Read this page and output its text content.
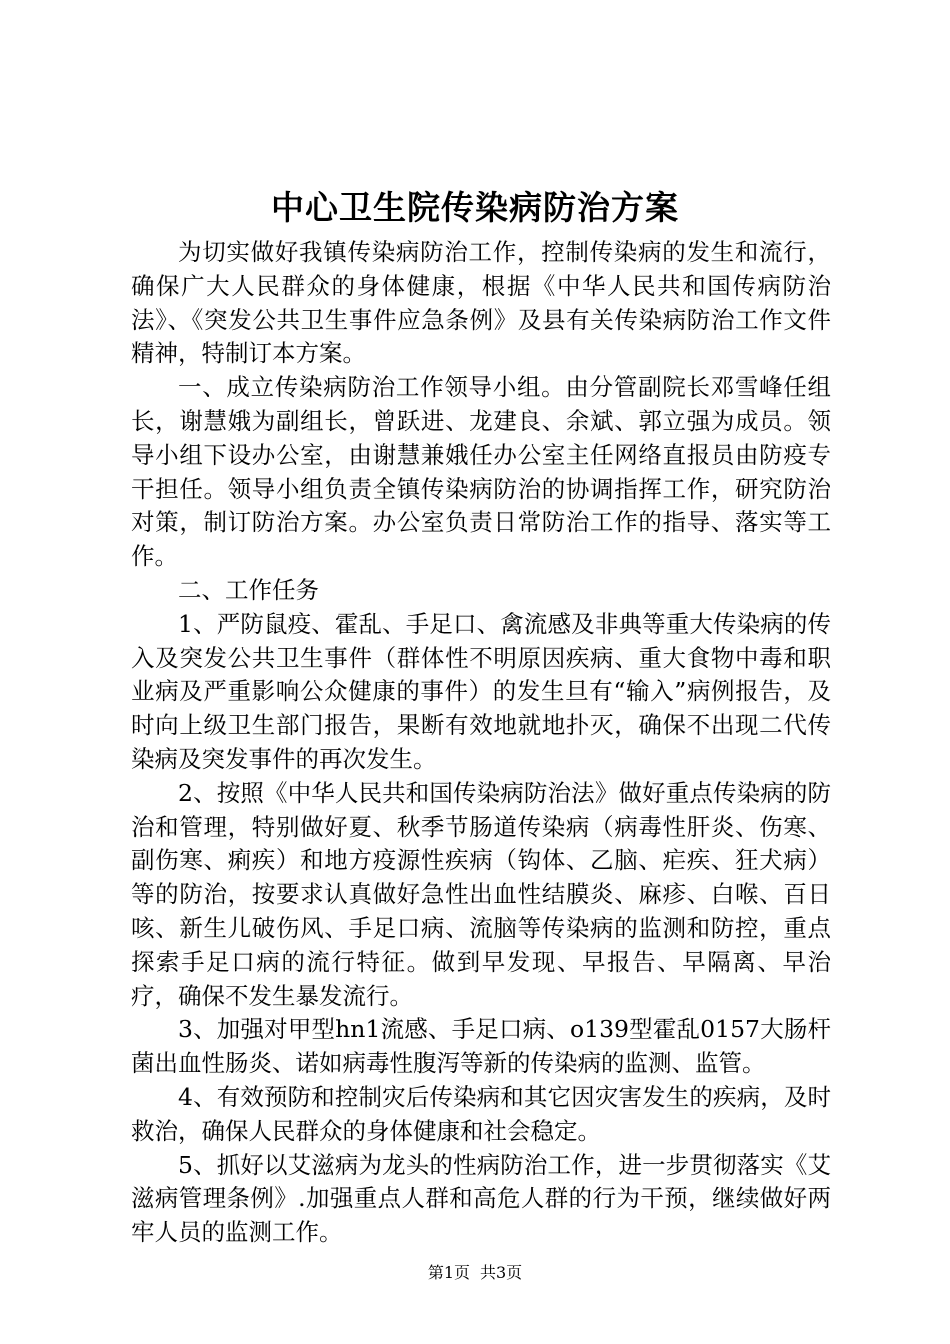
中心卫生院传染病防治方案

为切实做好我镇传染病防治工作，控制传染病的发生和流行，确保广大人民群众的身体健康，根据《中华人民共和国传病防治法》、《突发公共卫生事件应急条例》及县有关传染病防治工作文件精神，特制订本方案。

一、成立传染病防治工作领导小组。由分管副院长邓雪峰任组长，谢慧娥为副组长，曾跃进、龙建良、余斌、郭立强为成员。领导小组下设办公室，由谢慧兼娥任办公室主任网络直报员由防疫专干担任。领导小组负责全镇传染病防治的协调指挥工作，研究防治对策，制订防治方案。办公室负责日常防治工作的指导、落实等工作。

二、工作任务

1、严防鼠疫、霍乱、手足口、禽流感及非典等重大传染病的传入及突发公共卫生事件（群体性不明原因疾病、重大食物中毒和职业病及严重影响公众健康的事件）的发生旦有“输入”病例报告，及时向上级卫生部门报告，果断有效地就地扑灭，确保不出现二代传染病及突发事件的再次发生。

2、按照《中华人民共和国传染病防治法》做好重点传染病的防治和管理，特别做好夏、秋季节肠道传染病（病毒性肝炎、伤寒、副伤寒、痢疾）和地方疫源性疾病（钩体、乙脑、疟疾、狂犬病）等的防治，按要求认真做好急性出血性结膜炎、麻疹、白喉、百日咳、新生儿破伤风、手足口病、流脑等传染病的监测和防控，重点探索手足口病的流行特征。做到早发现、早报告、早隔离、早治疗，确保不发生暴发流行。

3、加强对甲型hn1流感、手足口病、o139型霍乱0157大肠杆菌出血性肠炎、诺如病毒性腹泻等新的传染病的监测、监管。

4、有效预防和控制灾后传染病和其它因灾害发生的疾病，及时救治，确保人民群众的身体健康和社会稳定。

5、抓好以艾滋病为龙头的性病防治工作，进一步贯彻落实《艾滋病管理条例》.加强重点人群和高危人群的行为干预，继续做好两牢人员的监测工作。

第1页 共3页
